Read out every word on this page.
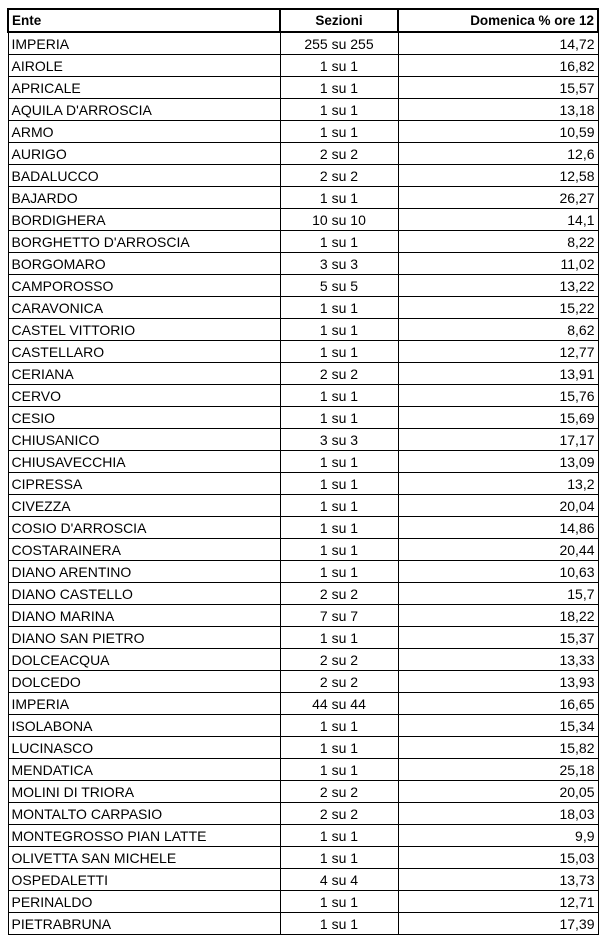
Ente	Sezioni	Domenica % ore 12
IMPERIA	255 su 255	14,72
AIROLE	1 su 1	16,82
APRICALE	1 su 1	15,57
AQUILA D'ARROSCIA	1 su 1	13,18
ARMO	1 su 1	10,59
AURIGO	2 su 2	12,6
BADALUCCO	2 su 2	12,58
BAJARDO	1 su 1	26,27
BORDIGHERA	10 su 10	14,1
BORGHETTO D'ARROSCIA	1 su 1	8,22
BORGOMARO	3 su 3	11,02
CAMPOROSSO	5 su 5	13,22
CARAVONICA	1 su 1	15,22
CASTEL VITTORIO	1 su 1	8,62
CASTELLARO	1 su 1	12,77
CERIANA	2 su 2	13,91
CERVO	1 su 1	15,76
CESIO	1 su 1	15,69
CHIUSANICO	3 su 3	17,17
CHIUSAVECCHIA	1 su 1	13,09
CIPRESSA	1 su 1	13,2
CIVEZZA	1 su 1	20,04
COSIO D'ARROSCIA	1 su 1	14,86
COSTARAINERA	1 su 1	20,44
DIANO ARENTINO	1 su 1	10,63
DIANO CASTELLO	2 su 2	15,7
DIANO MARINA	7 su 7	18,22
DIANO SAN PIETRO	1 su 1	15,37
DOLCEACQUA	2 su 2	13,33
DOLCEDO	2 su 2	13,93
IMPERIA	44 su 44	16,65
ISOLABONA	1 su 1	15,34
LUCINASCO	1 su 1	15,82
MENDATICA	1 su 1	25,18
MOLINI DI TRIORA	2 su 2	20,05
MONTALTO CARPASIO	2 su 2	18,03
MONTEGROSSO PIAN LATTE	1 su 1	9,9
OLIVETTA SAN MICHELE	1 su 1	15,03
OSPEDALETTI	4 su 4	13,73
PERINALDO	1 su 1	12,71
PIETRABRUNA	1 su 1	17,39
